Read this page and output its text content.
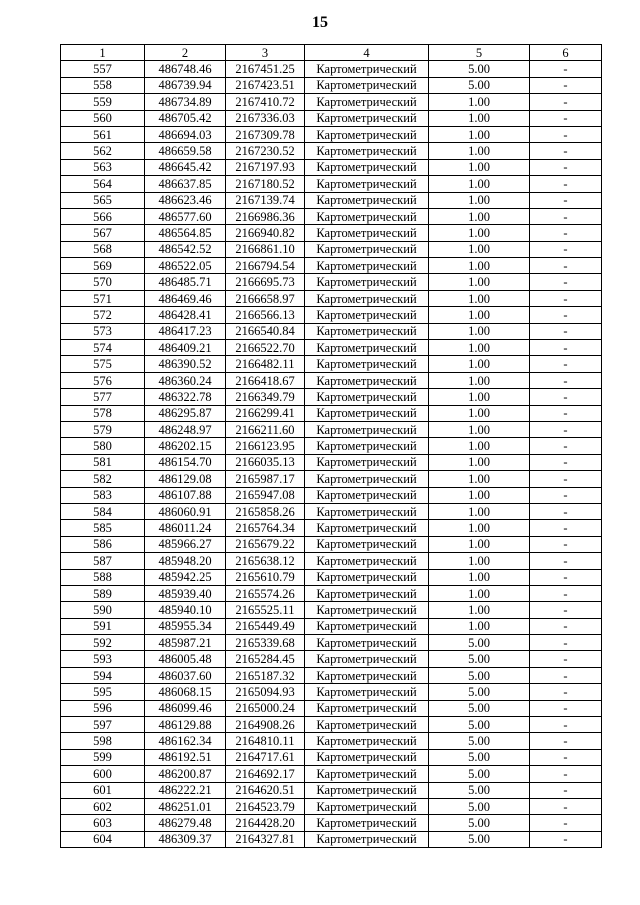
15
1	2	3	4	5	6
557	486748.46	2167451.25	Картометрический	5.00	-
558	486739.94	2167423.51	Картометрический	5.00	-
559	486734.89	2167410.72	Картометрический	1.00	-
560	486705.42	2167336.03	Картометрический	1.00	-
561	486694.03	2167309.78	Картометрический	1.00	-
562	486659.58	2167230.52	Картометрический	1.00	-
563	486645.42	2167197.93	Картометрический	1.00	-
564	486637.85	2167180.52	Картометрический	1.00	-
565	486623.46	2167139.74	Картометрический	1.00	-
566	486577.60	2166986.36	Картометрический	1.00	-
567	486564.85	2166940.82	Картометрический	1.00	-
568	486542.52	2166861.10	Картометрический	1.00	-
569	486522.05	2166794.54	Картометрический	1.00	-
570	486485.71	2166695.73	Картометрический	1.00	-
571	486469.46	2166658.97	Картометрический	1.00	-
572	486428.41	2166566.13	Картометрический	1.00	-
573	486417.23	2166540.84	Картометрический	1.00	-
574	486409.21	2166522.70	Картометрический	1.00	-
575	486390.52	2166482.11	Картометрический	1.00	-
576	486360.24	2166418.67	Картометрический	1.00	-
577	486322.78	2166349.79	Картометрический	1.00	-
578	486295.87	2166299.41	Картометрический	1.00	-
579	486248.97	2166211.60	Картометрический	1.00	-
580	486202.15	2166123.95	Картометрический	1.00	-
581	486154.70	2166035.13	Картометрический	1.00	-
582	486129.08	2165987.17	Картометрический	1.00	-
583	486107.88	2165947.08	Картометрический	1.00	-
584	486060.91	2165858.26	Картометрический	1.00	-
585	486011.24	2165764.34	Картометрический	1.00	-
586	485966.27	2165679.22	Картометрический	1.00	-
587	485948.20	2165638.12	Картометрический	1.00	-
588	485942.25	2165610.79	Картометрический	1.00	-
589	485939.40	2165574.26	Картометрический	1.00	-
590	485940.10	2165525.11	Картометрический	1.00	-
591	485955.34	2165449.49	Картометрический	1.00	-
592	485987.21	2165339.68	Картометрический	5.00	-
593	486005.48	2165284.45	Картометрический	5.00	-
594	486037.60	2165187.32	Картометрический	5.00	-
595	486068.15	2165094.93	Картометрический	5.00	-
596	486099.46	2165000.24	Картометрический	5.00	-
597	486129.88	2164908.26	Картометрический	5.00	-
598	486162.34	2164810.11	Картометрический	5.00	-
599	486192.51	2164717.61	Картометрический	5.00	-
600	486200.87	2164692.17	Картометрический	5.00	-
601	486222.21	2164620.51	Картометрический	5.00	-
602	486251.01	2164523.79	Картометрический	5.00	-
603	486279.48	2164428.20	Картометрический	5.00	-
604	486309.37	2164327.81	Картометрический	5.00	-
